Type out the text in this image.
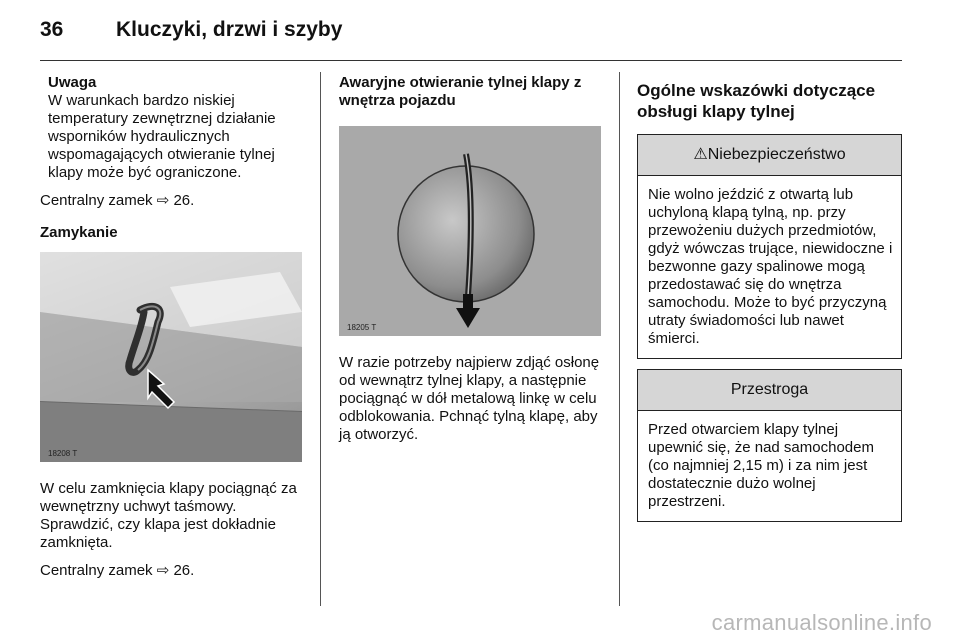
36	Kluczyki, drzwi i szyby
Uwaga
W warunkach bardzo niskiej temperatury zewnętrznej działanie wsporników hydraulicznych wspomagających otwieranie tylnej klapy może być ograniczone.

Centralny zamek ⇨ 26.

Zamykanie
18208 T

W celu zamknięcia klapy pociągnąć za wewnętrzny uchwyt taśmowy. Sprawdzić, czy klapa jest dokładnie zamknięta.

Centralny zamek ⇨ 26.

Awaryjne otwieranie tylnej klapy z wnętrza pojazdu
18205 T

W razie potrzeby najpierw zdjąć osłonę od wewnątrz tylnej klapy, a następnie pociągnąć w dół metalową linkę w celu odblokowania. Pchnąć tylną klapę, aby ją otworzyć.

Ogólne wskazówki dotyczące obsługi klapy tylnej
⚠Niebezpieczeństwo
Nie wolno jeździć z otwartą lub uchyloną klapą tylną, np. przy przewożeniu dużych przedmiotów, gdyż wówczas trujące, niewidoczne i bezwonne gazy spalinowe mogą przedostawać się do wnętrza samochodu. Może to być przyczyną utraty świadomości lub nawet śmierci.
Przestroga
Przed otwarciem klapy tylnej upewnić się, że nad samochodem (co najmniej 2,15 m) i za nim jest dostatecznie dużo wolnej przestrzeni.
carmanualsonline.info
